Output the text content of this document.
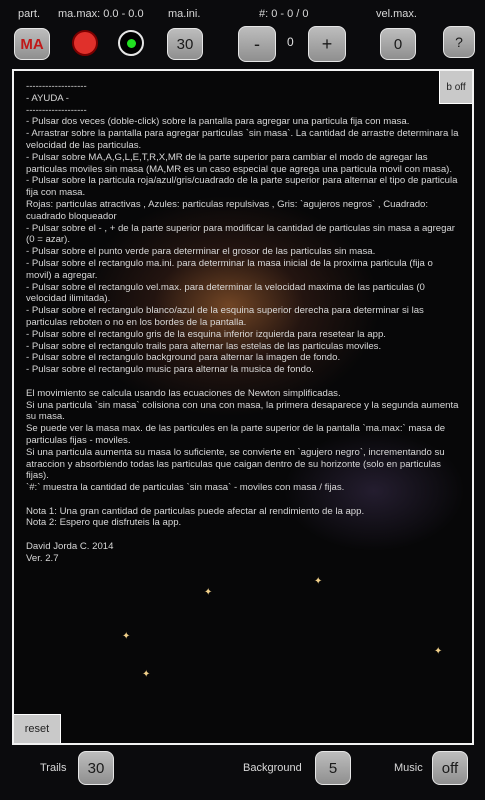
part. ma.max: 0.0 - 0.0 ma.ini.	#: 0 - 0 / 0	vel.max.
MA	30	-	0	+	0	?
✦
✦
✦
✦
✦
-------------------
- AYUDA -
-------------------
- Pulsar dos veces (doble-click) sobre la pantalla para agregar una particula fija con masa.
- Arrastrar sobre la pantalla para agregar particulas `sin masa`. La cantidad de arrastre determinara la velocidad de las particulas.
- Pulsar sobre MA,A,G,L,E,T,R,X,MR de la parte superior para cambiar el modo de agregar las particulas moviles sin masa (MA,MR es un caso especial que agrega una particula movil con masa).
- Pulsar sobre la particula roja/azul/gris/cuadrado de la parte superior para alternar el tipo de particula fija con masa.
Rojas: particulas atractivas , Azules: particulas repulsivas , Gris: `agujeros negros` , Cuadrado: cuadrado bloqueador
- Pulsar sobre el - , + de la parte superior para modificar la cantidad de particulas sin masa a agregar (0 = azar).
- Pulsar sobre el punto verde para determinar el grosor de las particulas sin masa.
- Pulsar sobre el rectangulo ma.ini. para determinar la masa inicial de la proxima particula (fija o movil) a agregar.
- Pulsar sobre el rectangulo vel.max. para determinar la velocidad maxima de las particulas (0 velocidad ilimitada).
- Pulsar sobre el rectangulo blanco/azul de la esquina superior derecha para determinar si las particulas reboten o no en los bordes de la pantalla.
- Pulsar sobre el rectangulo gris de la esquina inferior izquierda para resetear la app.
- Pulsar sobre el rectangulo trails para alternar las estelas de las particulas moviles.
- Pulsar sobre el rectangulo background para alternar la imagen de fondo.
- Pulsar sobre el rectangulo music para alternar la musica de fondo.

El movimiento se calcula usando las ecuaciones de Newton simplificadas.
Si una particula `sin masa` colisiona con una con masa, la primera desaparece y la segunda aumenta su masa.
Se puede ver la masa max. de las particules en la parte superior de la pantalla `ma.max:` masa de particulas fijas - moviles.
Si una particula aumenta su masa lo suficiente, se convierte en `agujero negro`, incrementando su atraccion y absorbiendo todas las particulas que caigan dentro de su horizonte (solo en particulas fijas).
`#:` muestra la cantidad de particulas `sin masa` - moviles con masa / fijas.

Nota 1: Una gran cantidad de particulas puede afectar al rendimiento de la app.
Nota 2: Espero que disfruteis la app.

David Jorda C. 2014
Ver. 2.7
b off
reset
Trails	30	Background	5	Music	off
